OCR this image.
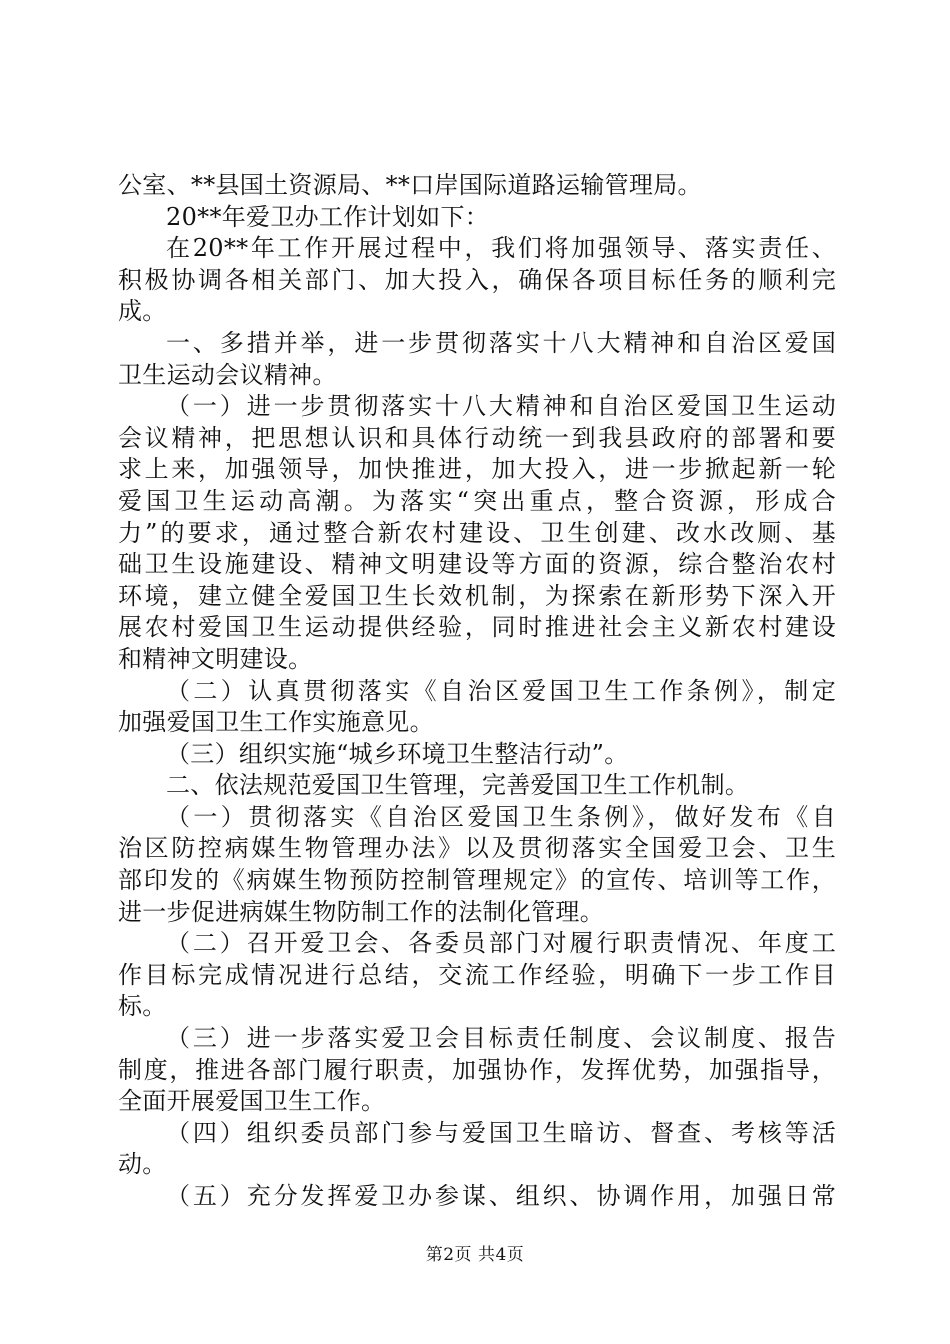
公室、**县国土资源局、**口岸国际道路运输管理局。
20**年爱卫办工作计划如下：
在20**年工作开展过程中，我们将加强领导、落实责任、
积极协调各相关部门、加大投入，确保各项目标任务的顺利完
成。
一、多措并举，进一步贯彻落实十八大精神和自治区爱国
卫生运动会议精神。
（一）进一步贯彻落实十八大精神和自治区爱国卫生运动
会议精神，把思想认识和具体行动统一到我县政府的部署和要
求上来，加强领导，加快推进，加大投入，进一步掀起新一轮
爱国卫生运动高潮。为落实“突出重点，整合资源，形成合
力”的要求，通过整合新农村建设、卫生创建、改水改厕、基
础卫生设施建设、精神文明建设等方面的资源，综合整治农村
环境，建立健全爱国卫生长效机制，为探索在新形势下深入开
展农村爱国卫生运动提供经验，同时推进社会主义新农村建设
和精神文明建设。
（二）认真贯彻落实《自治区爱国卫生工作条例》，制定
加强爱国卫生工作实施意见。
（三）组织实施“城乡环境卫生整洁行动”。
二、依法规范爱国卫生管理，完善爱国卫生工作机制。
（一）贯彻落实《自治区爱国卫生条例》，做好发布《自
治区防控病媒生物管理办法》以及贯彻落实全国爱卫会、卫生
部印发的《病媒生物预防控制管理规定》的宣传、培训等工作，
进一步促进病媒生物防制工作的法制化管理。
（二）召开爱卫会、各委员部门对履行职责情况、年度工
作目标完成情况进行总结，交流工作经验，明确下一步工作目
标。
（三）进一步落实爱卫会目标责任制度、会议制度、报告
制度，推进各部门履行职责，加强协作，发挥优势，加强指导，
全面开展爱国卫生工作。
（四）组织委员部门参与爱国卫生暗访、督查、考核等活
动。
（五）充分发挥爱卫办参谋、组织、协调作用，加强日常
第2页 共4页
